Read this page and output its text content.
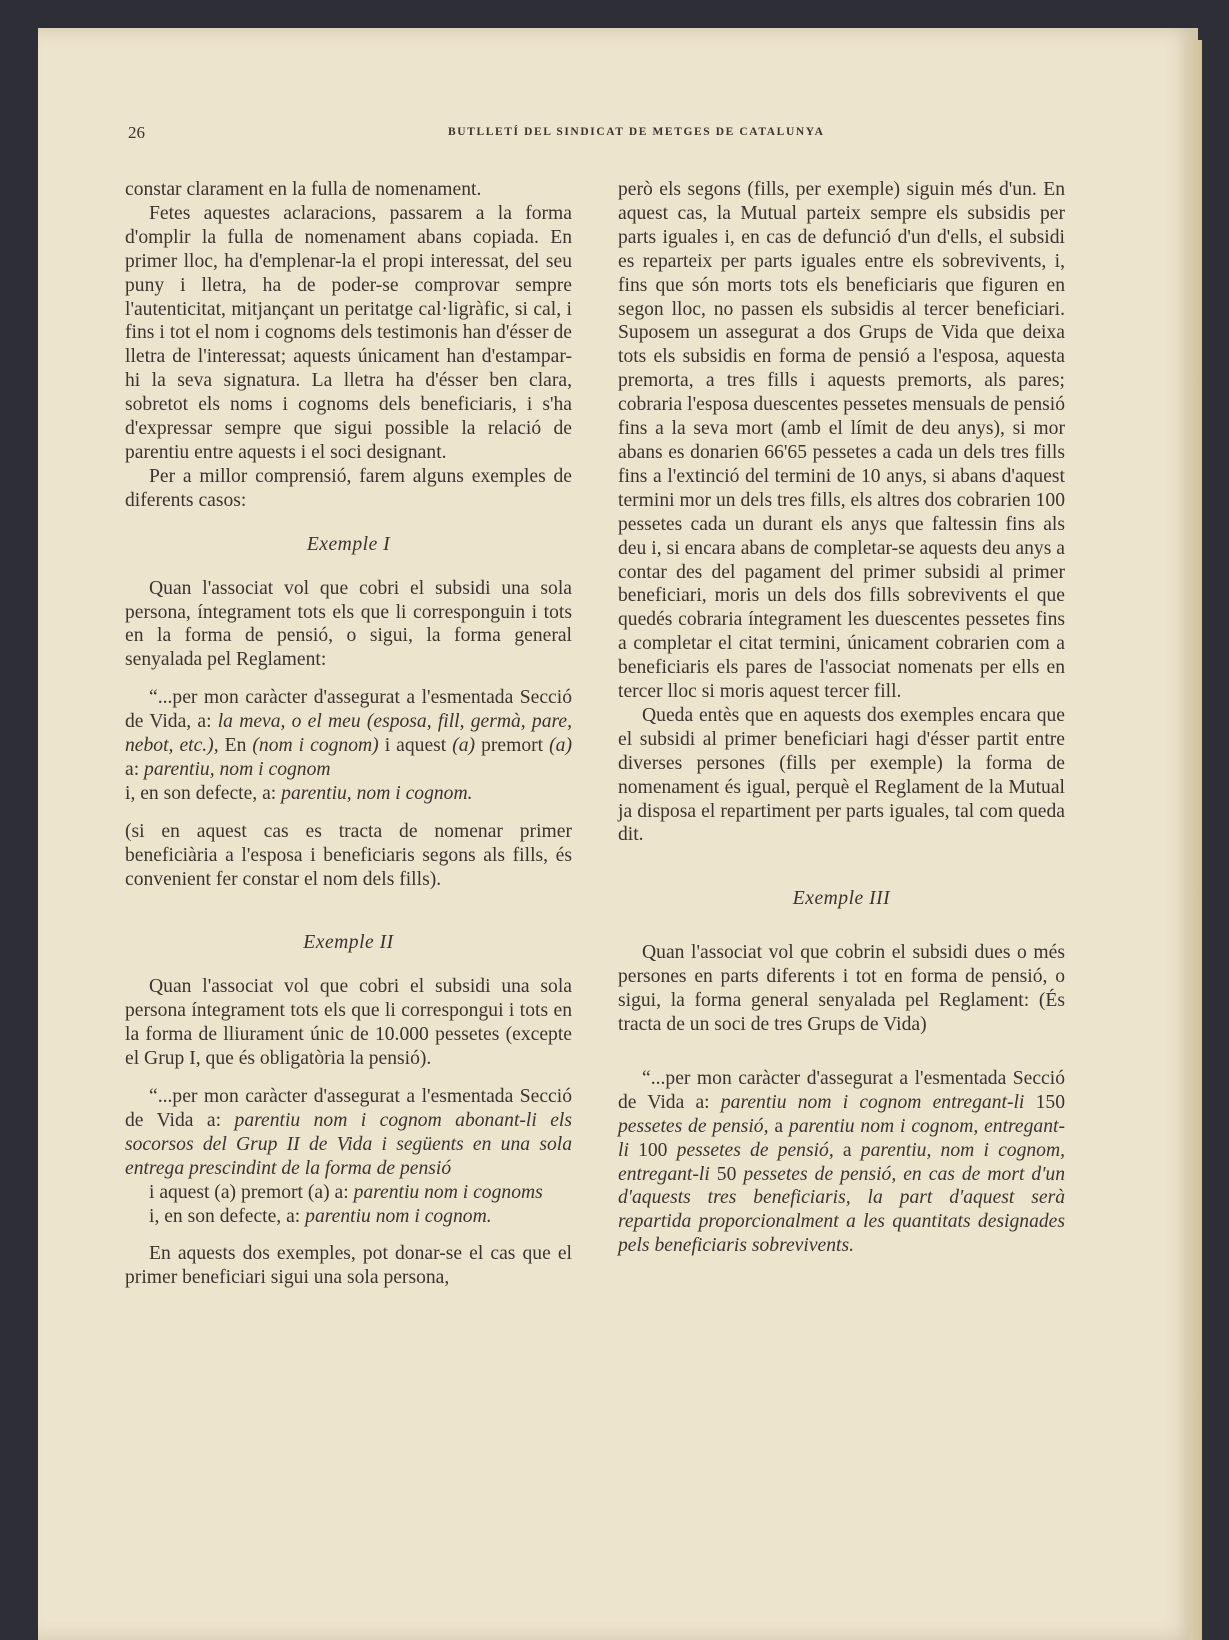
26	BUTLLETÍ DEL SINDICAT DE METGES DE CATALUNYA

constar clarament en la fulla de nomenament.

Fetes aquestes aclaracions, passarem a la forma d'omplir la fulla de nomenament abans copiada. En primer lloc, ha d'emplenar-la el propi interessat, del seu puny i lletra, ha de poder-se comprovar sempre l'autenticitat, mitjançant un peritatge cal·ligràfic, si cal, i fins i tot el nom i cognoms dels testimonis han d'ésser de lletra de l'interessat; aquests únicament han d'estampar-hi la seva signatura. La lletra ha d'ésser ben clara, sobretot els noms i cognoms dels beneficiaris, i s'ha d'expressar sempre que sigui possible la relació de parentiu entre aquests i el soci designant.

Per a millor comprensió, farem alguns exemples de diferents casos:

Exemple I

Quan l'associat vol que cobri el subsidi una sola persona, íntegrament tots els que li corresponguin i tots en la forma de pensió, o sigui, la forma general senyalada pel Reglament:

“...per mon caràcter d'assegurat a l'esmentada Secció de Vida, a: la meva, o el meu (esposa, fill, germà, pare, nebot, etc.), En (nom i cognom) i aquest (a) premort (a) a: parentiu, nom i cognom

i, en son defecte, a: parentiu, nom i cognom.

(si en aquest cas es tracta de nomenar primer beneficiària a l'esposa i beneficiaris segons als fills, és convenient fer constar el nom dels fills).

Exemple II

Quan l'associat vol que cobri el subsidi una sola persona íntegrament tots els que li correspongui i tots en la forma de lliurament únic de 10.000 pessetes (excepte el Grup I, que és obligatòria la pensió).

“...per mon caràcter d'assegurat a l'esmentada Secció de Vida a: parentiu nom i cognom abonant-li els socorsos del Grup II de Vida i següents en una sola entrega prescindint de la forma de pensió

i aquest (a) premort (a) a: parentiu nom i cognoms

i, en son defecte, a: parentiu nom i cognom.

En aquests dos exemples, pot donar-se el cas que el primer beneficiari sigui una sola persona,

però els segons (fills, per exemple) siguin més d'un. En aquest cas, la Mutual parteix sempre els subsidis per parts iguales i, en cas de defunció d'un d'ells, el subsidi es reparteix per parts iguales entre els sobrevivents, i, fins que són morts tots els beneficiaris que figuren en segon lloc, no passen els subsidis al tercer beneficiari. Suposem un assegurat a dos Grups de Vida que deixa tots els subsidis en forma de pensió a l'esposa, aquesta premorta, a tres fills i aquests premorts, als pares; cobraria l'esposa duescentes pessetes mensuals de pensió fins a la seva mort (amb el límit de deu anys), si mor abans es donarien 66'65 pessetes a cada un dels tres fills fins a l'extinció del termini de 10 anys, si abans d'aquest termini mor un dels tres fills, els altres dos cobrarien 100 pessetes cada un durant els anys que faltessin fins als deu i, si encara abans de completar-se aquests deu anys a contar des del pagament del primer subsidi al primer beneficiari, moris un dels dos fills sobrevivents el que quedés cobraria íntegrament les duescentes pessetes fins a completar el citat termini, únicament cobrarien com a beneficiaris els pares de l'associat nomenats per ells en tercer lloc si moris aquest tercer fill.

Queda entès que en aquests dos exemples encara que el subsidi al primer beneficiari hagi d'ésser partit entre diverses persones (fills per exemple) la forma de nomenament és igual, perquè el Reglament de la Mutual ja disposa el repartiment per parts iguales, tal com queda dit.

Exemple III

Quan l'associat vol que cobrin el subsidi dues o més persones en parts diferents i tot en forma de pensió, o sigui, la forma general senyalada pel Reglament: (És tracta de un soci de tres Grups de Vida)

“...per mon caràcter d'assegurat a l'esmentada Secció de Vida a: parentiu nom i cognom entregant-li 150 pessetes de pensió, a parentiu nom i cognom, entregant-li 100 pessetes de pensió, a parentiu, nom i cognom, entregant-li 50 pessetes de pensió, en cas de mort d'un d'aquests tres beneficiaris, la part d'aquest serà repartida proporcionalment a les quantitats designades pels beneficiaris sobrevivents.
